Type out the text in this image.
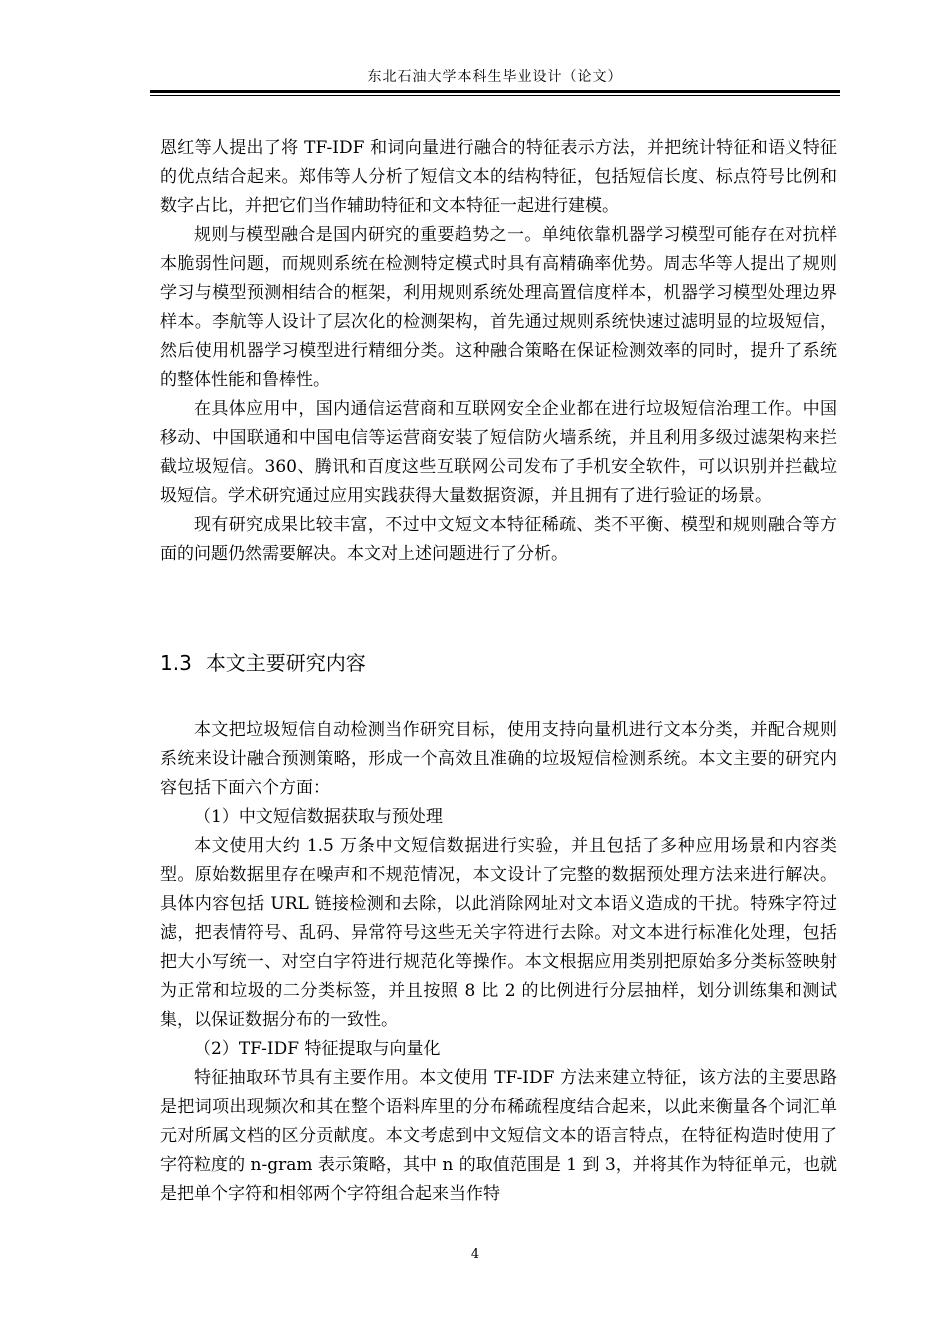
东北石油大学本科生毕业设计（论文）

恩红等人提出了将 TF-IDF 和词向量进行融合的特征表示方法，并把统计特征和语义特征的优点结合起来。郑伟等人分析了短信文本的结构特征，包括短信长度、标点符号比例和数字占比，并把它们当作辅助特征和文本特征一起进行建模。

规则与模型融合是国内研究的重要趋势之一。单纯依靠机器学习模型可能存在对抗样本脆弱性问题，而规则系统在检测特定模式时具有高精确率优势。周志华等人提出了规则学习与模型预测相结合的框架，利用规则系统处理高置信度样本，机器学习模型处理边界样本。李航等人设计了层次化的检测架构，首先通过规则系统快速过滤明显的垃圾短信，然后使用机器学习模型进行精细分类。这种融合策略在保证检测效率的同时，提升了系统的整体性能和鲁棒性。

在具体应用中，国内通信运营商和互联网安全企业都在进行垃圾短信治理工作。中国移动、中国联通和中国电信等运营商安装了短信防火墙系统，并且利用多级过滤架构来拦截垃圾短信。360、腾讯和百度这些互联网公司发布了手机安全软件，可以识别并拦截垃圾短信。学术研究通过应用实践获得大量数据资源，并且拥有了进行验证的场景。

现有研究成果比较丰富，不过中文短文本特征稀疏、类不平衡、模型和规则融合等方面的问题仍然需要解决。本文对上述问题进行了分析。

1.3 本文主要研究内容

本文把垃圾短信自动检测当作研究目标，使用支持向量机进行文本分类，并配合规则系统来设计融合预测策略，形成一个高效且准确的垃圾短信检测系统。本文主要的研究内容包括下面六个方面：

（1）中文短信数据获取与预处理

本文使用大约 1.5 万条中文短信数据进行实验，并且包括了多种应用场景和内容类型。原始数据里存在噪声和不规范情况，本文设计了完整的数据预处理方法来进行解决。具体内容包括 URL 链接检测和去除，以此消除网址对文本语义造成的干扰。特殊字符过滤，把表情符号、乱码、异常符号这些无关字符进行去除。对文本进行标准化处理，包括把大小写统一、对空白字符进行规范化等操作。本文根据应用类别把原始多分类标签映射为正常和垃圾的二分类标签，并且按照 8 比 2 的比例进行分层抽样，划分训练集和测试集，以保证数据分布的一致性。

（2）TF-IDF 特征提取与向量化

特征抽取环节具有主要作用。本文使用 TF-IDF 方法来建立特征，该方法的主要思路是把词项出现频次和其在整个语料库里的分布稀疏程度结合起来，以此来衡量各个词汇单元对所属文档的区分贡献度。本文考虑到中文短信文本的语言特点，在特征构造时使用了字符粒度的 n-gram 表示策略，其中 n 的取值范围是 1 到 3，并将其作为特征单元，也就是把单个字符和相邻两个字符组合起来当作特

4
